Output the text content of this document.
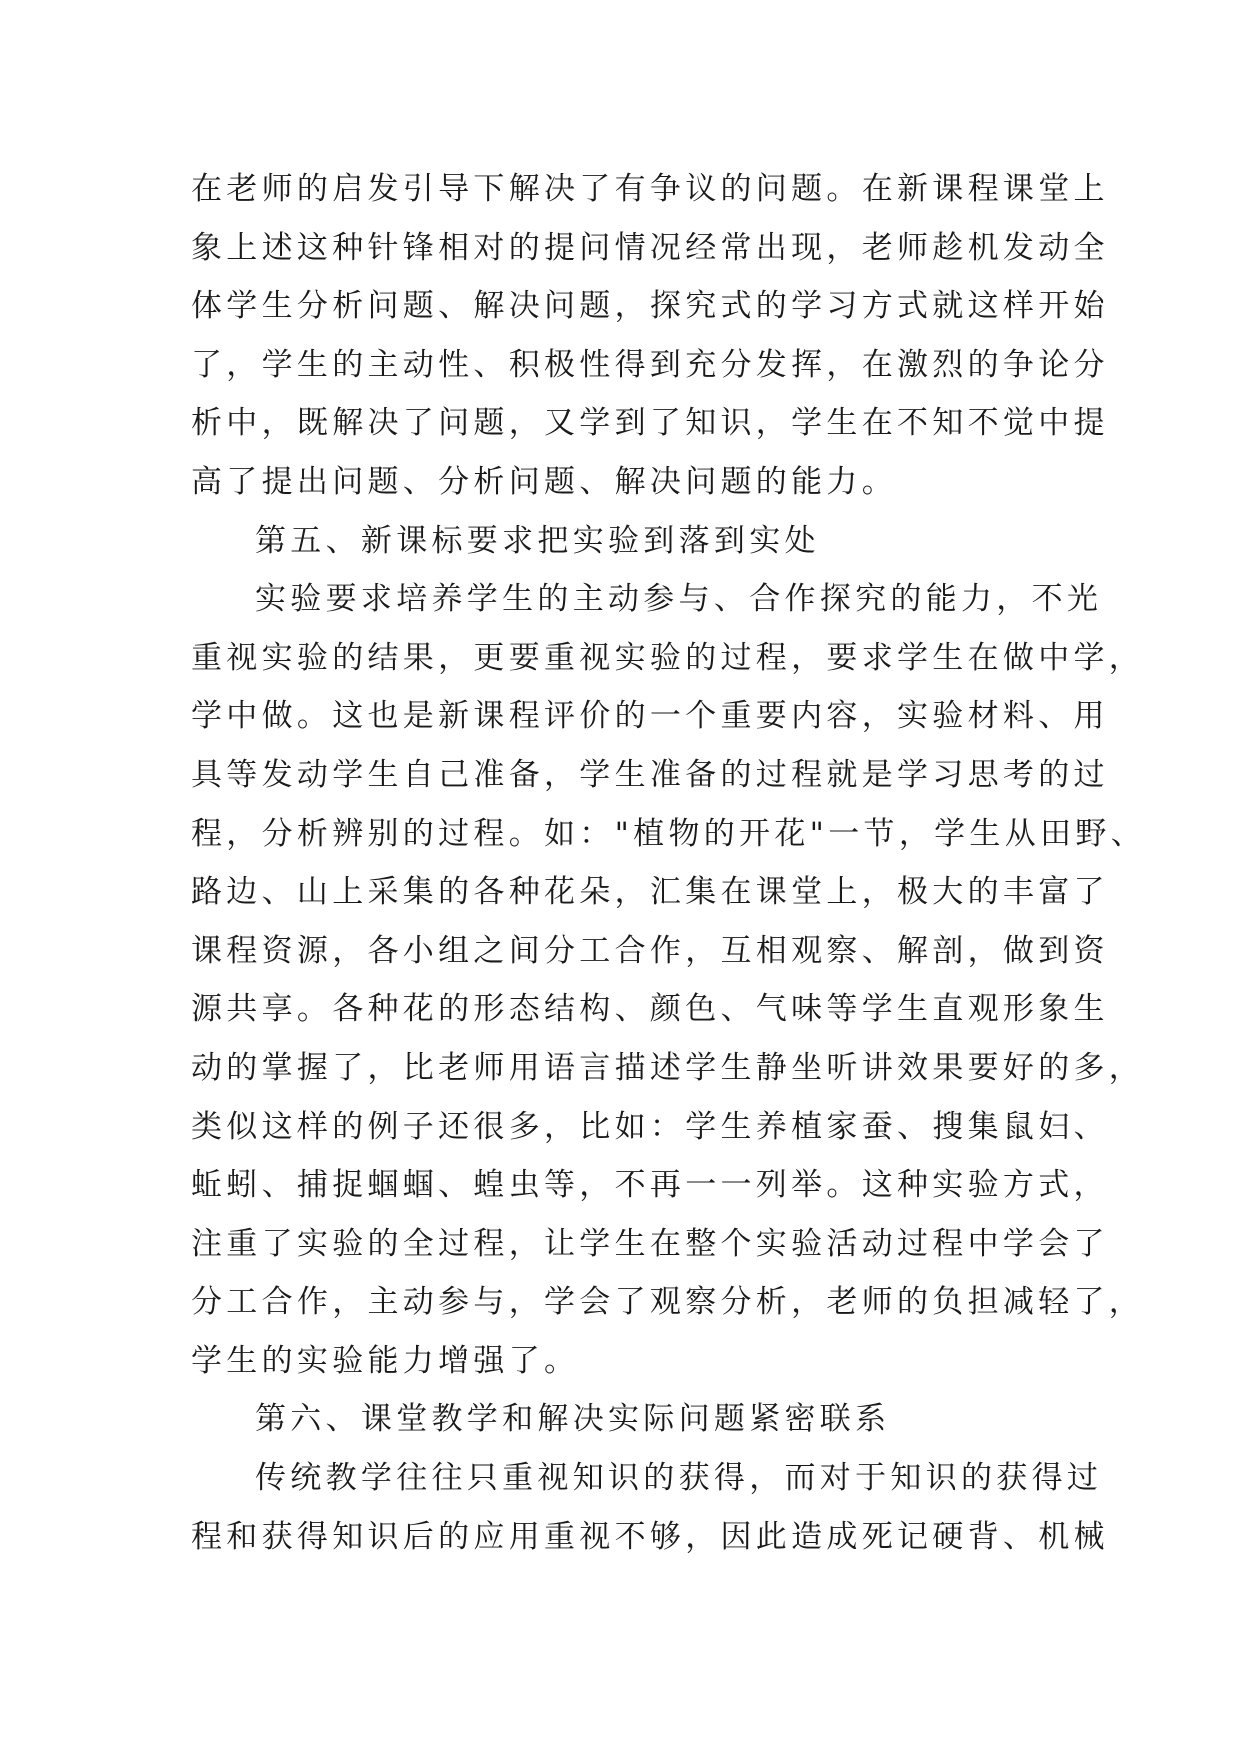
在老师的启发引导下解决了有争议的问题。在新课程课堂上
象上述这种针锋相对的提问情况经常出现，老师趁机发动全
体学生分析问题、解决问题，探究式的学习方式就这样开始
了，学生的主动性、积极性得到充分发挥，在激烈的争论分
析中，既解决了问题，又学到了知识，学生在不知不觉中提
高了提出问题、分析问题、解决问题的能力。
第五、新课标要求把实验到落到实处
实验要求培养学生的主动参与、合作探究的能力，不光
重视实验的结果，更要重视实验的过程，要求学生在做中学，
学中做。这也是新课程评价的一个重要内容，实验材料、用
具等发动学生自己准备，学生准备的过程就是学习思考的过
程，分析辨别的过程。如："植物的开花"一节，学生从田野、
路边、山上采集的各种花朵，汇集在课堂上，极大的丰富了
课程资源，各小组之间分工合作，互相观察、解剖，做到资
源共享。各种花的形态结构、颜色、气味等学生直观形象生
动的掌握了，比老师用语言描述学生静坐听讲效果要好的多，
类似这样的例子还很多，比如：学生养植家蚕、搜集鼠妇、
蚯蚓、捕捉蝈蝈、蝗虫等，不再一一列举。这种实验方式，
注重了实验的全过程，让学生在整个实验活动过程中学会了
分工合作，主动参与，学会了观察分析，老师的负担减轻了，
学生的实验能力增强了。
第六、课堂教学和解决实际问题紧密联系
传统教学往往只重视知识的获得，而对于知识的获得过
程和获得知识后的应用重视不够，因此造成死记硬背、机械
